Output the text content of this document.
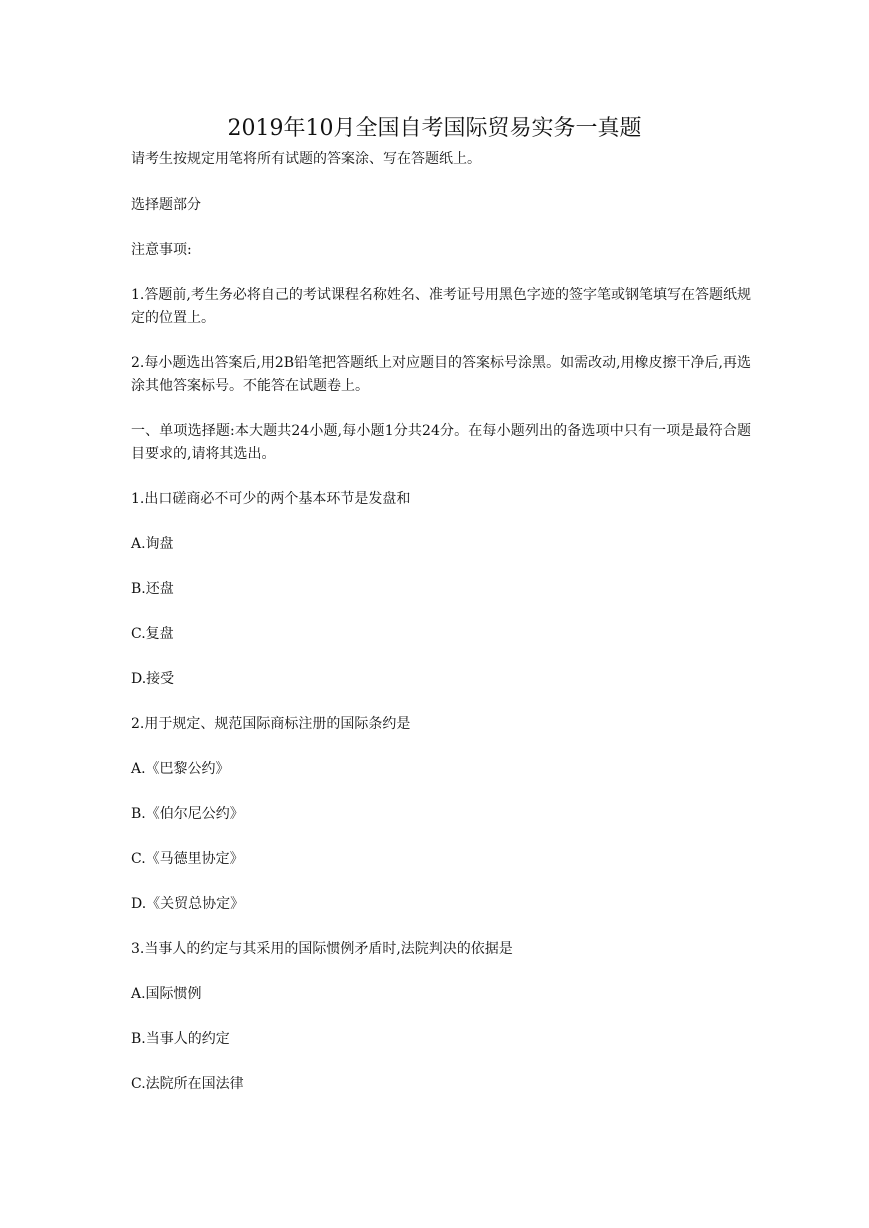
2019年10月全国自考国际贸易实务一真题

请考生按规定用笔将所有试题的答案涂、写在答题纸上。

选择题部分

注意事项:

1.答题前,考生务必将自己的考试课程名称姓名、准考证号用黑色字迹的签字笔或钢笔填写在答题纸规定的位置上。

2.每小题选出答案后,用2B铅笔把答题纸上对应题目的答案标号涂黑。如需改动,用橡皮擦干净后,再选涂其他答案标号。不能答在试题卷上。

一、单项选择题:本大题共24小题,每小题1分共24分。在每小题列出的备选项中只有一项是最符合题目要求的,请将其选出。

1.出口磋商必不可少的两个基本环节是发盘和

A.询盘

B.还盘

C.复盘

D.接受

2.用于规定、规范国际商标注册的国际条约是

A.《巴黎公约》

B.《伯尔尼公约》

C.《马德里协定》

D.《关贸总协定》

3.当事人的约定与其采用的国际惯例矛盾时,法院判决的依据是

A.国际惯例

B.当事人的约定

C.法院所在国法律
